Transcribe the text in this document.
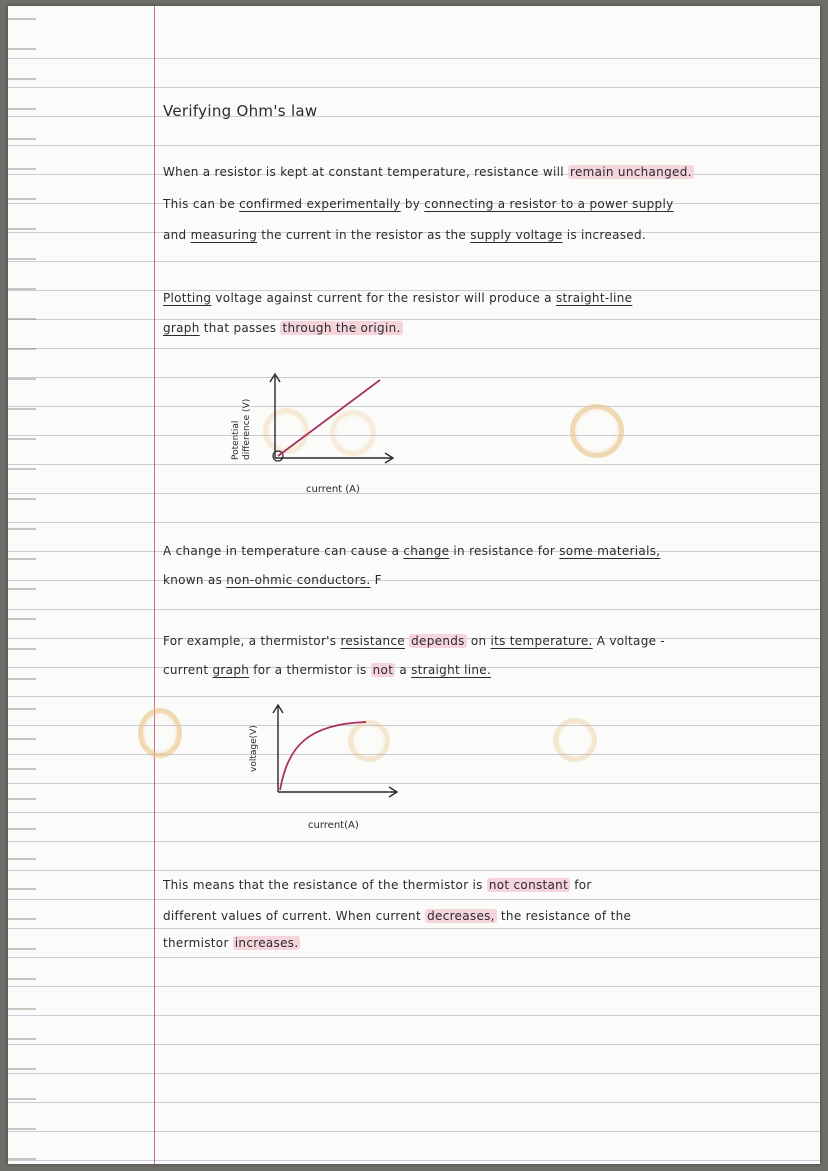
Verifying Ohm's law
When a resistor is kept at constant temperature, resistance will remain unchanged.
This can be confirmed experimentally by connecting a resistor to a power supply
and measuring the current in the resistor as the supply voltage is increased.
Plotting voltage against current for the resistor will produce a straight-line
graph that passes through the origin.
Potential difference (V)
current (A)
A change in temperature can cause a change in resistance for some materials,
known as non-ohmic conductors. F
For example, a thermistor's resistance depends on its temperature. A voltage -
current graph for a thermistor is not a straight line.
voltage(V)
current(A)
This means that the resistance of the thermistor is not constant for
different values of current. When current decreases, the resistance of the
thermistor increases.
